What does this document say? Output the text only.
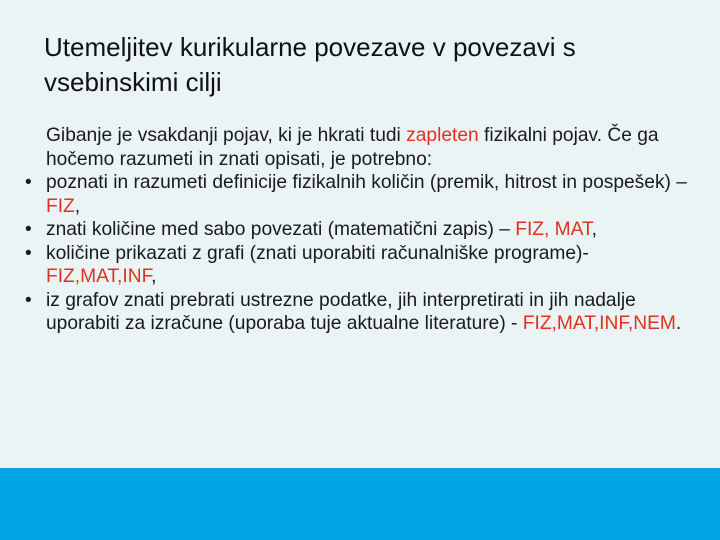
Utemeljitev kurikularne povezave v povezavi s vsebinskimi cilji

Gibanje je vsakdanji pojav, ki je hkrati tudi zapleten fizikalni pojav. Če ga hočemo razumeti in znati opisati, je potrebno:

• poznati in razumeti definicije fizikalnih količin (premik, hitrost in pospešek) – FIZ,
• znati količine med sabo povezati (matematični zapis) – FIZ, MAT,
• količine prikazati z grafi (znati uporabiti računalniške programe)- FIZ,MAT,INF,
• iz grafov znati prebrati ustrezne podatke, jih interpretirati in jih nadalje uporabiti za izračune (uporaba tuje aktualne literature) - FIZ,MAT,INF,NEM.
